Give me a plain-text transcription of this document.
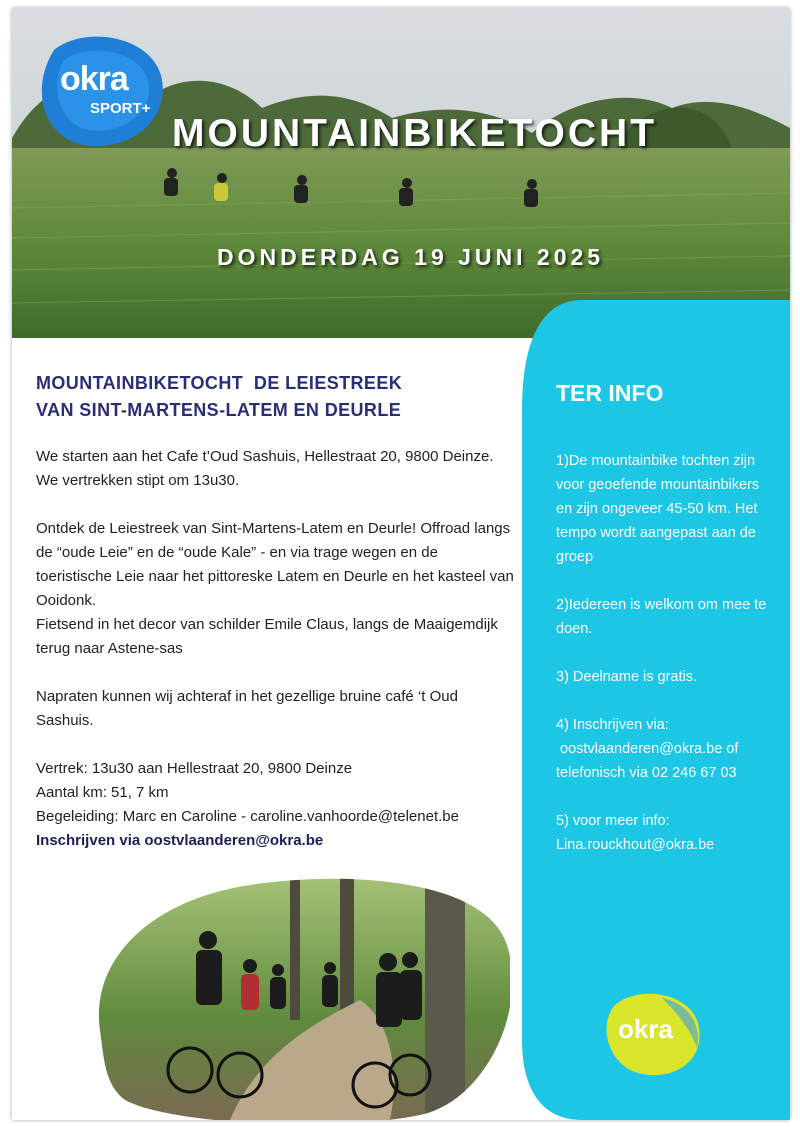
okra
SPORT+
MOUNTAINBIKETOCHT
DONDERDAG 19 JUNI 2025
MOUNTAINBIKETOCHT  DE LEIESTREEK
VAN SINT-MARTENS-LATEM EN DEURLE

We starten aan het Cafe t’Oud Sashuis, Hellestraat 20, 9800 Deinze. We vertrekken stipt om 13u30.

Ontdek de Leiestreek van Sint-Martens-Latem en Deurle! Offroad langs de “oude Leie” en de “oude Kale” - en via trage wegen en de toeristische Leie naar het pittoreske Latem en Deurle en het kasteel van Ooidonk.

Fietsend in het decor van schilder Emile Claus, langs de Maaigemdijk terug naar Astene-sas

Napraten kunnen wij achteraf in het gezellige bruine café ‘t Oud Sashuis.

Vertrek: 13u30 aan Hellestraat 20, 9800 Deinze

Aantal km: 51, 7 km

Begeleiding: Marc en Caroline - caroline.vanhoorde@telenet.be

Inschrijven via oostvlaanderen@okra.be

TER INFO

1)De mountainbike tochten zijn voor geoefende mountainbikers en zijn ongeveer 45-50 km. Het tempo wordt aangepast aan de groep

2)Iedereen is welkom om mee te doen.

3) Deelname is gratis.

4) Inschrijven via:
oostvlaanderen@okra.be of telefonisch via 02 246 67 03
5) voor meer info:
Lina.rouckhout@okra.be
okra
